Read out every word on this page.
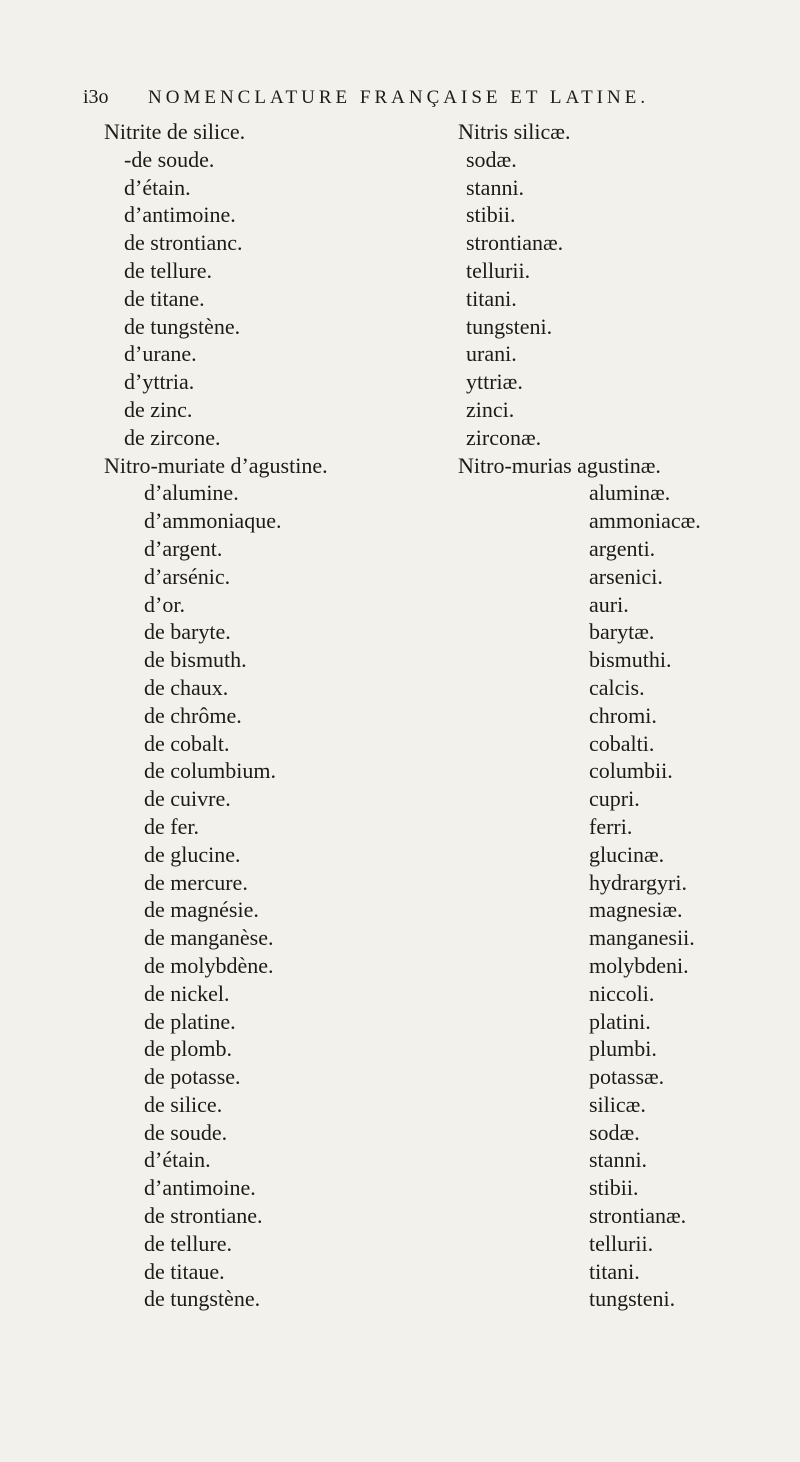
i3o	NOMENCLATURE FRANÇAISE ET LATINE.
Nitrite de silice.
-de soude.
d’étain.
d’antimoine.
de strontianc.
de tellure.
de titane.
de tungstène.
d’urane.
d’yttria.
de zinc.
de zircone.
Nitro-muriate d’agustine.
d’alumine.
d’ammoniaque.
d’argent.
d’arsénic.
d’or.
de baryte.
de bismuth.
de chaux.
de chrôme.
de cobalt.
de columbium.
de cuivre.
de fer.
de glucine.
de mercure.
de magnésie.
de manganèse.
de molybdène.
de nickel.
de platine.
de plomb.
de potasse.
de silice.
de soude.
d’étain.
d’antimoine.
de strontiane.
de tellure.
de titaue.
de tungstène.
Nitris silicæ.
sodæ.
stanni.
stibii.
strontianæ.
tellurii.
titani.
tungsteni.
urani.
yttriæ.
zinci.
zirconæ.
Nitro-murias agustinæ.
aluminæ.
ammoniacæ.
argenti.
arsenici.
auri.
barytæ.
bismuthi.
calcis.
chromi.
cobalti.
columbii.
cupri.
ferri.
glucinæ.
hydrargyri.
magnesiæ.
manganesii.
molybdeni.
niccoli.
platini.
plumbi.
potassæ.
silicæ.
sodæ.
stanni.
stibii.
strontianæ.
tellurii.
titani.
tungsteni.
